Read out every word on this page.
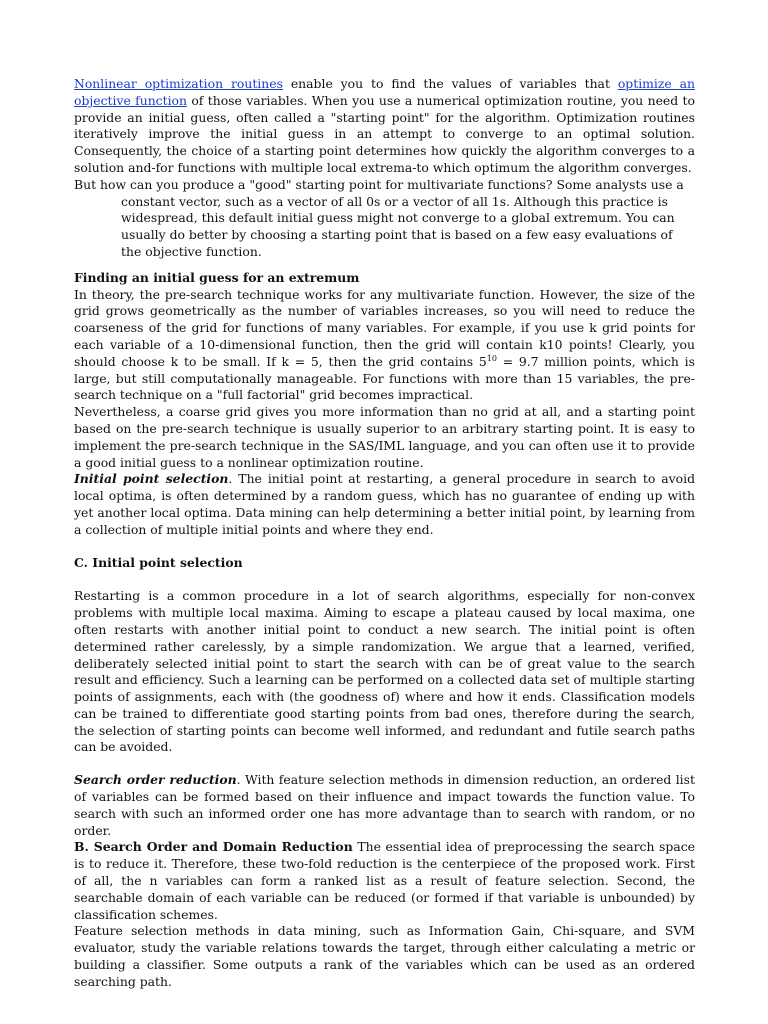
Nonlinear optimization routines enable you to find the values of variables that optimize an objective function of those variables. When you use a numerical optimization routine, you need to provide an initial guess, often called a "starting point" for the algorithm. Optimization routines iteratively improve the initial guess in an attempt to converge to an optimal solution. Consequently, the choice of a starting point determines how quickly the algorithm converges to a solution and-for functions with multiple local extrema-to which optimum the algorithm converges.

But how can you produce a "good" starting point for multivariate functions? Some analysts use a constant vector, such as a vector of all 0s or a vector of all 1s. Although this practice is widespread, this default initial guess might not converge to a global extremum. You can usually do better by choosing a starting point that is based on a few easy evaluations of the objective function.

Finding an initial guess for an extremum

In theory, the pre-search technique works for any multivariate function. However, the size of the grid grows geometrically as the number of variables increases, so you will need to reduce the coarseness of the grid for functions of many variables. For example, if you use k grid points for each variable of a 10-dimensional function, then the grid will contain k10 points! Clearly, you should choose k to be small. If k = 5, then the grid contains $5^{10} = 9.7$ million points, which is large, but still computationally manageable. For functions with more than 15 variables, the pre-search technique on a "full factorial" grid becomes impractical.

Nevertheless, a coarse grid gives you more information than no grid at all, and a starting point based on the pre-search technique is usually superior to an arbitrary starting point. It is easy to implement the pre-search technique in the SAS/IML language, and you can often use it to provide a good initial guess to a nonlinear optimization routine.

Initial point selection. The initial point at restarting, a general procedure in search to avoid local optima, is often determined by a random guess, which has no guarantee of ending up with yet another local optima. Data mining can help determining a better initial point, by learning from a collection of multiple initial points and where they end.

C. Initial point selection

Restarting is a common procedure in a lot of search algorithms, especially for non-convex problems with multiple local maxima. Aiming to escape a plateau caused by local maxima, one often restarts with another initial point to conduct a new search. The initial point is often determined rather carelessly, by a simple randomization. We argue that a learned, verified, deliberately selected initial point to start the search with can be of great value to the search result and efficiency. Such a learning can be performed on a collected data set of multiple starting points of assignments, each with (the goodness of) where and how it ends. Classification models can be trained to differentiate good starting points from bad ones, therefore during the search, the selection of starting points can become well informed, and redundant and futile search paths can be avoided.

Search order reduction. With feature selection methods in dimension reduction, an ordered list of variables can be formed based on their influence and impact towards the function value. To search with such an informed order one has more advantage than to search with random, or no order.

B. Search Order and Domain Reduction The essential idea of preprocessing the search space is to reduce it. Therefore, these two-fold reduction is the centerpiece of the proposed work. First of all, the n variables can form a ranked list as a result of feature selection. Second, the searchable domain of each variable can be reduced (or formed if that variable is unbounded) by classification schemes.

Feature selection methods in data mining, such as Information Gain, Chi-square, and SVM evaluator, study the variable relations towards the target, through either calculating a metric or building a classifier. Some outputs a rank of the variables which can be used as an ordered searching path.
